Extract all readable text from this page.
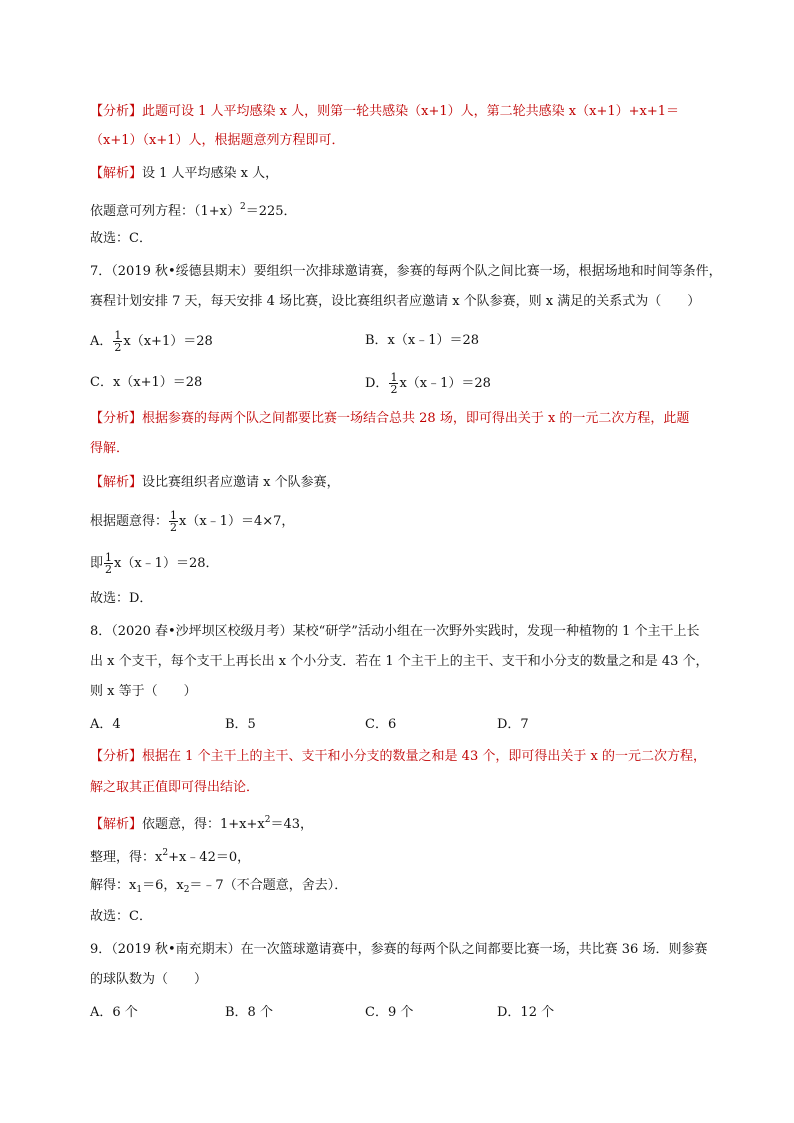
【分析】此题可设 1 人平均感染 x 人，则第一轮共感染（x+1）人，第二轮共感染 x（x+1）+x+1＝
（x+1）（x+1）人，根据题意列方程即可．
【解析】设 1 人平均感染 x 人，
依题意可列方程：$(1+x)^2=225$．
故选：C．
7．（2019 秋•绥德县期末）要组织一次排球邀请赛，参赛的每两个队之间比赛一场，根据场地和时间等条件，
赛程计划安排 7 天，每天安排 4 场比赛，设比赛组织者应邀请 x 个队参赛，则 x 满足的关系式为（　　）
A． $\frac{1}{2} x(x+1)=28$	B．x（x﹣1）＝28
C．x（x+1）＝28	D． $\frac{1}{2}$ x（x﹣1）＝28
【分析】根据参赛的每两个队之间都要比赛一场结合总共 28 场，即可得出关于 x 的一元二次方程，此题
得解．
【解析】设比赛组织者应邀请 x 个队参赛，
根据题意得： $\frac{1}{2}$ x（x﹣1）＝4×7，
即 $\frac{1}{2}$ x（x﹣1）＝28．
故选：D．
8．（2020 春•沙坪坝区校级月考）某校“研学”活动小组在一次野外实践时，发现一种植物的 1 个主干上长
出 x 个支干，每个支干上再长出 x 个小分支．若在 1 个主干上的主干、支干和小分支的数量之和是 43 个，
则 x 等于（　　）
A．4	B．5	C．6	D．7
【分析】根据在 1 个主干上的主干、支干和小分支的数量之和是 43 个，即可得出关于 x 的一元二次方程，
解之取其正值即可得出结论．
【解析】依题意，得：$1+x+x^2=43$，
整理，得：$x^2+x﹣42=0$，
解得：$x_1=6$，$x_2=﹣7$（不合题意，舍去）．
故选：C．
9．（2019 秋•南充期末）在一次篮球邀请赛中，参赛的每两个队之间都要比赛一场，共比赛 36 场．则参赛
的球队数为（　　）
A．6 个	B．8 个	C．9 个	D．12 个
